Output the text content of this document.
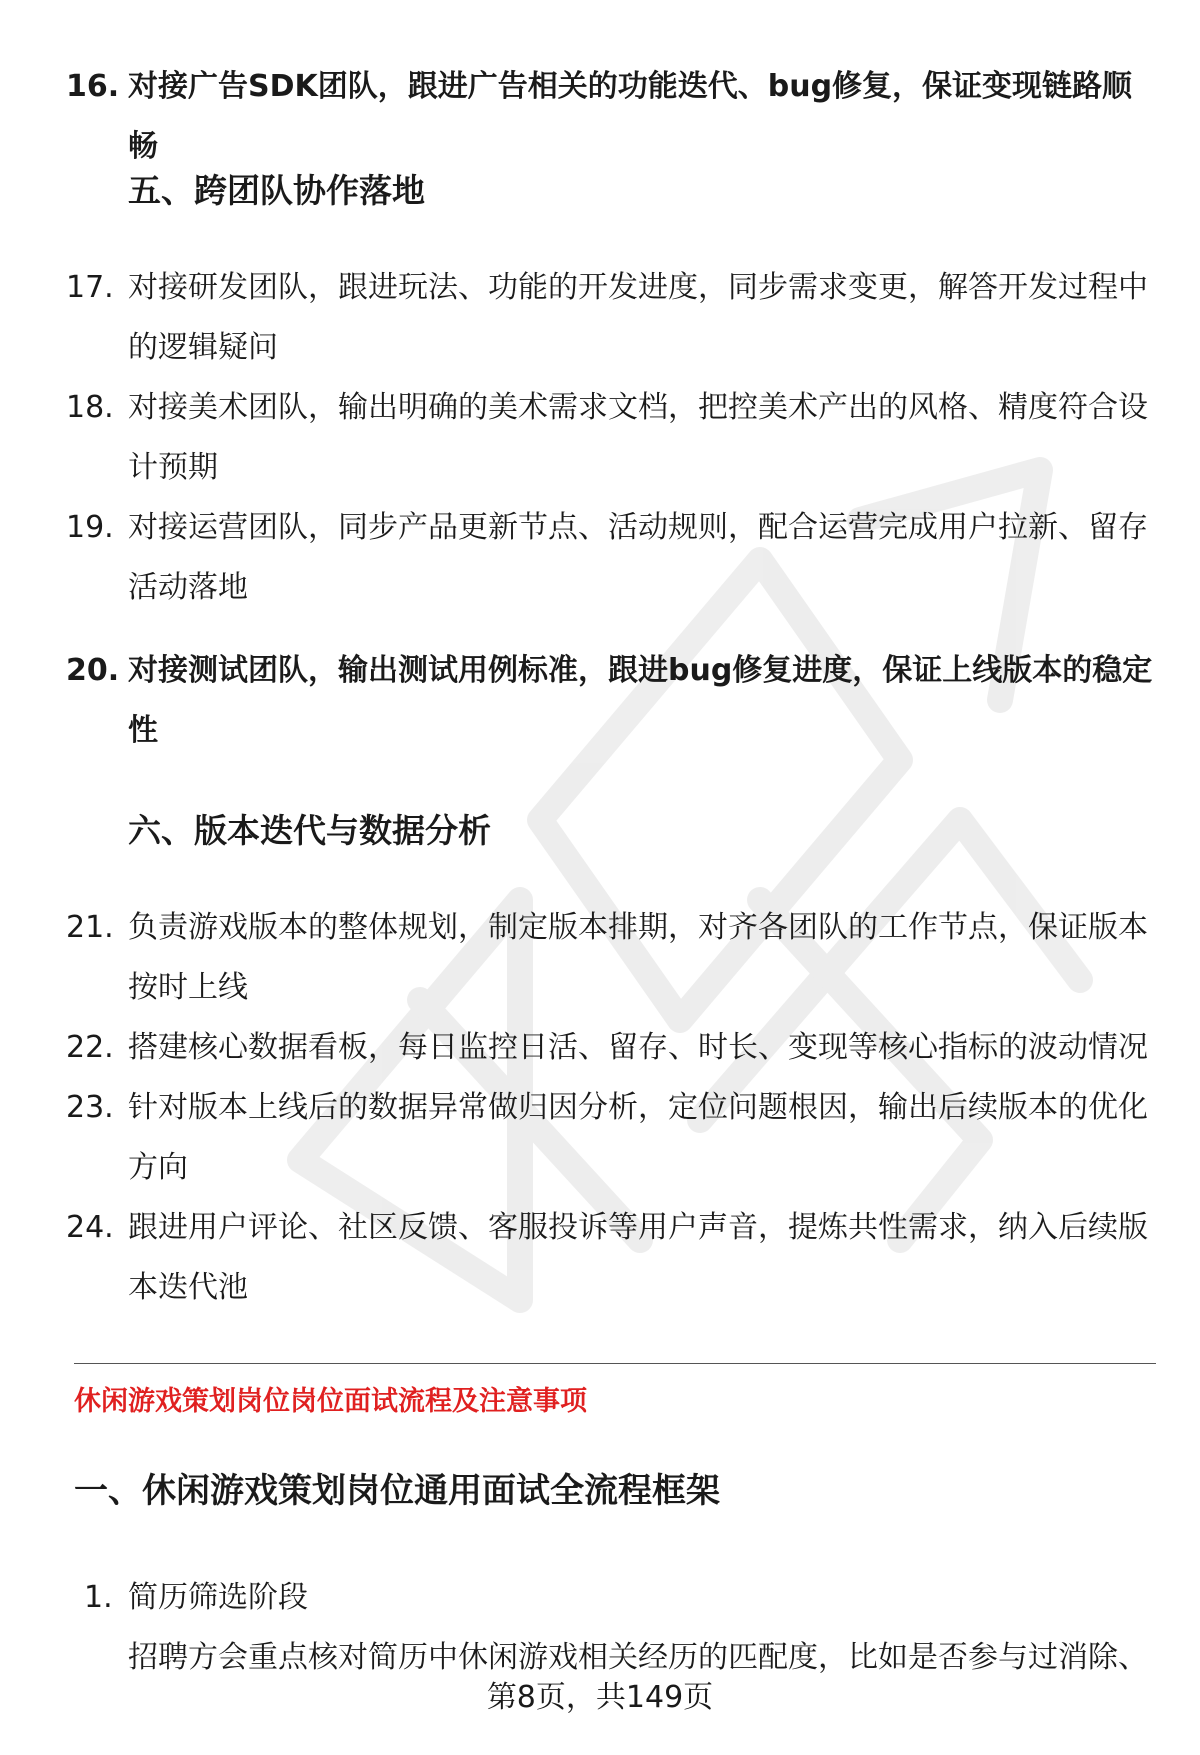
16. 对接广告SDK团队，跟进广告相关的功能迭代、bug修复，保证变现链路顺畅
五、跨团队协作落地
17. 对接研发团队，跟进玩法、功能的开发进度，同步需求变更，解答开发过程中的逻辑疑问
18. 对接美术团队，输出明确的美术需求文档，把控美术产出的风格、精度符合设计预期
19. 对接运营团队，同步产品更新节点、活动规则，配合运营完成用户拉新、留存活动落地
20. 对接测试团队，输出测试用例标准，跟进bug修复进度，保证上线版本的稳定性
六、版本迭代与数据分析
21. 负责游戏版本的整体规划，制定版本排期，对齐各团队的工作节点，保证版本按时上线
22. 搭建核心数据看板，每日监控日活、留存、时长、变现等核心指标的波动情况
23. 针对版本上线后的数据异常做归因分析，定位问题根因，输出后续版本的优化方向
24. 跟进用户评论、社区反馈、客服投诉等用户声音，提炼共性需求，纳入后续版本迭代池
休闲游戏策划岗位岗位面试流程及注意事项
一、休闲游戏策划岗位通用面试全流程框架
1. 简历筛选阶段
招聘方会重点核对简历中休闲游戏相关经历的匹配度，比如是否参与过消除、
第8页，共149页
